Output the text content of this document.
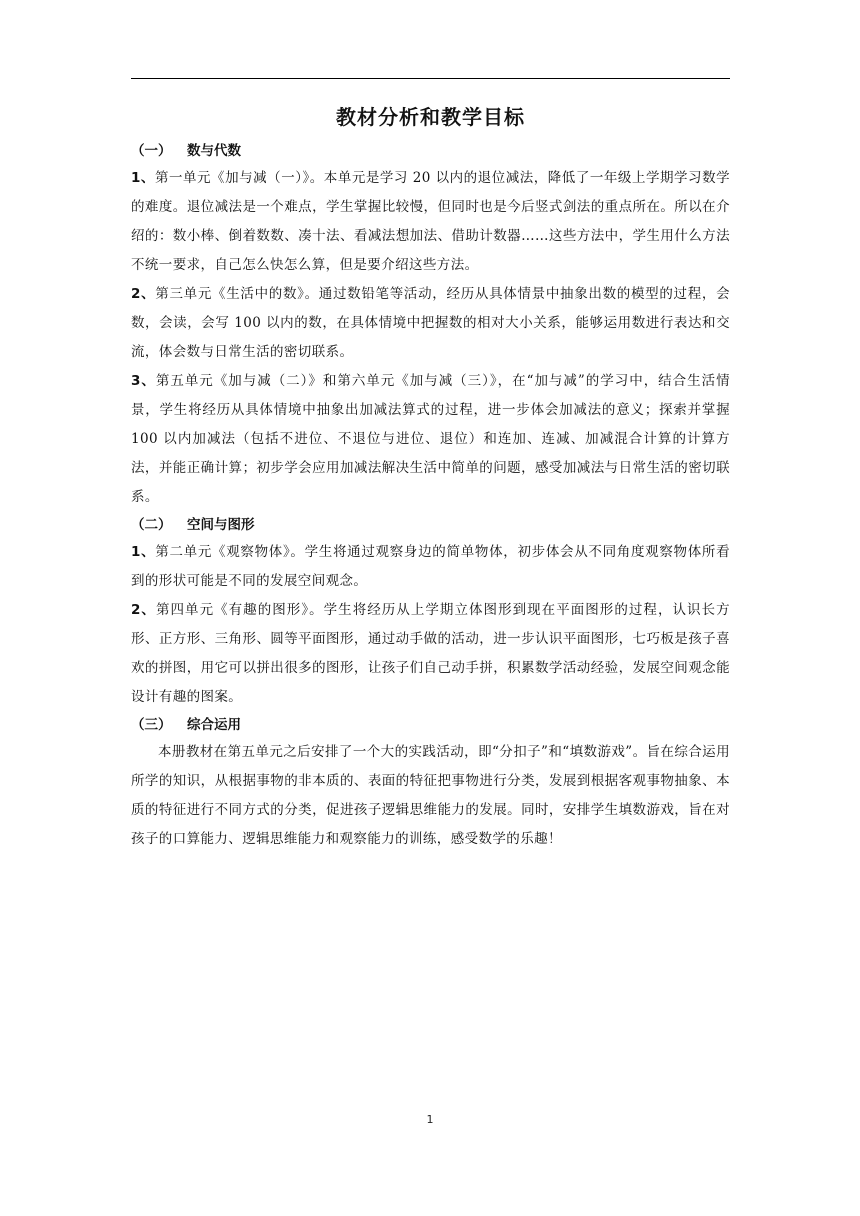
教材分析和教学目标
（一） 数与代数

1、第一单元《加与减（一）》。本单元是学习 20 以内的退位减法，降低了一年级上学期学习数学的难度。退位减法是一个难点，学生掌握比较慢，但同时也是今后竖式剑法的重点所在。所以在介绍的：数小棒、倒着数数、凑十法、看减法想加法、借助计数器……这些方法中，学生用什么方法不统一要求，自己怎么快怎么算，但是要介绍这些方法。

2、第三单元《生活中的数》。通过数铅笔等活动，经历从具体情景中抽象出数的模型的过程，会数，会读，会写 100 以内的数，在具体情境中把握数的相对大小关系，能够运用数进行表达和交流，体会数与日常生活的密切联系。

3、第五单元《加与减（二）》和第六单元《加与减（三）》，在“加与减”的学习中，结合生活情景，学生将经历从具体情境中抽象出加减法算式的过程，进一步体会加减法的意义；探索并掌握 100 以内加减法（包括不进位、不退位与进位、退位）和连加、连减、加减混合计算的计算方法，并能正确计算；初步学会应用加减法解决生活中简单的问题，感受加减法与日常生活的密切联系。

（二） 空间与图形

1、第二单元《观察物体》。学生将通过观察身边的简单物体，初步体会从不同角度观察物体所看到的形状可能是不同的发展空间观念。

2、第四单元《有趣的图形》。学生将经历从上学期立体图形到现在平面图形的过程，认识长方形、正方形、三角形、圆等平面图形，通过动手做的活动，进一步认识平面图形，七巧板是孩子喜欢的拼图，用它可以拼出很多的图形，让孩子们自己动手拼，积累数学活动经验，发展空间观念能设计有趣的图案。

（三） 综合运用

本册教材在第五单元之后安排了一个大的实践活动，即“分扣子”和“填数游戏”。旨在综合运用所学的知识，从根据事物的非本质的、表面的特征把事物进行分类，发展到根据客观事物抽象、本质的特征进行不同方式的分类，促进孩子逻辑思维能力的发展。同时，安排学生填数游戏，旨在对孩子的口算能力、逻辑思维能力和观察能力的训练，感受数学的乐趣！

1
